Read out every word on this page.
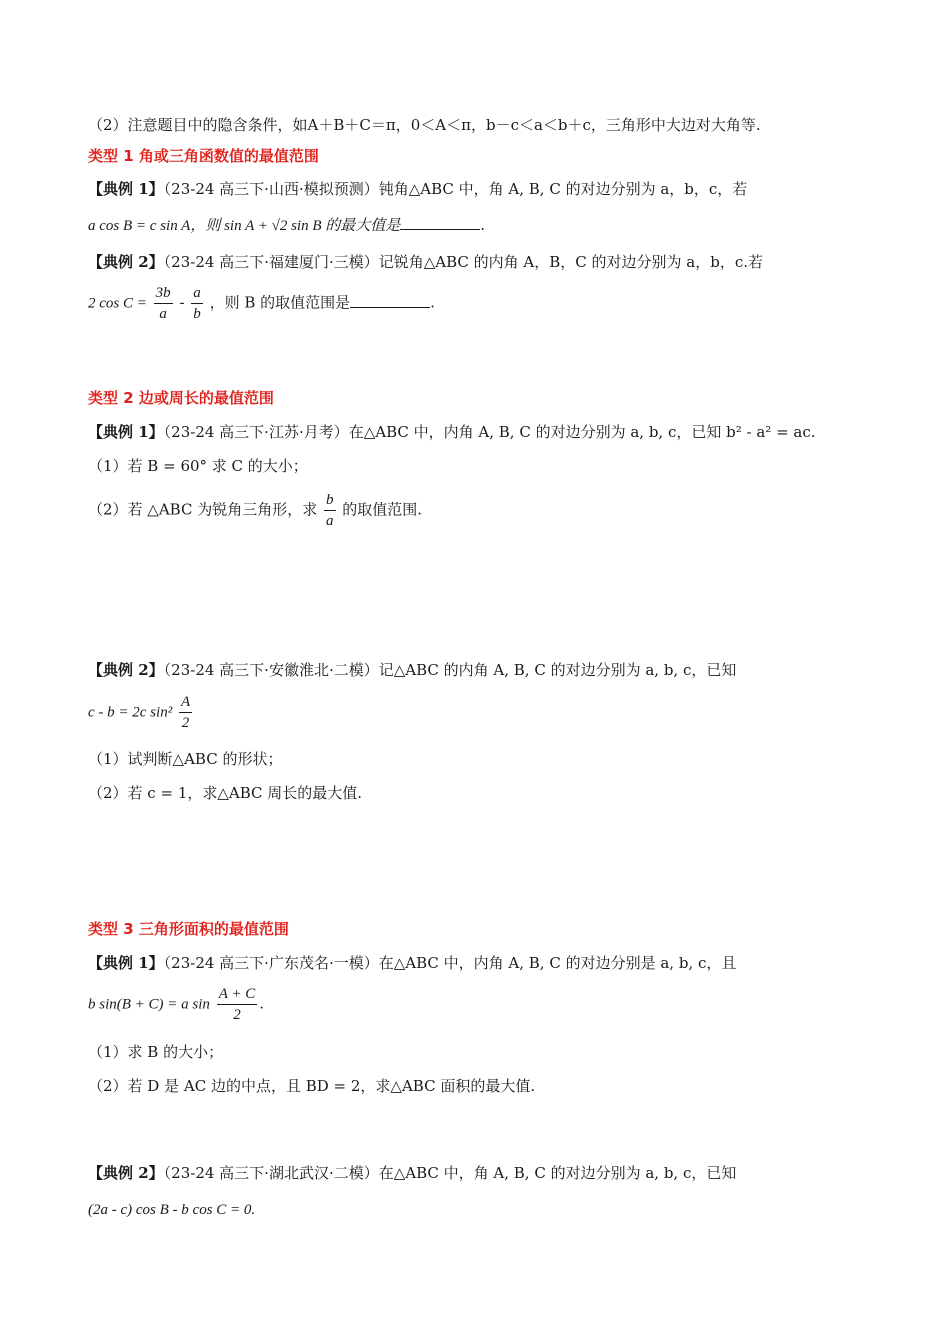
（2）注意题目中的隐含条件，如A＋B＋C＝π，0＜A＜π，b－c＜a＜b＋c，三角形中大边对大角等.
类型 1 角或三角函数值的最值范围
【典例 1】（23-24 高三下·山西·模拟预测）钝角△ABC 中，角 A, B, C 的对边分别为 a，b，c，若
a cos B = c sin A，则 sin A + √2 sin B 的最大值是	.
【典例 2】（23-24 高三下·福建厦门·三模）记锐角△ABC 的内角 A，B，C 的对边分别为 a，b，c.若
2 $\cos C = \frac{3b}{a} - \frac{a}{b}$ ，则 B 的取值范围是	.
类型 2 边或周长的最值范围
【典例 1】（23-24 高三下·江苏·月考）在△ABC 中，内角 A, B, C 的对边分别为 a, b, c，已知 b² - a² = ac.
（1）若 B = 60° 求 C 的大小；
（2）若 △ABC 为锐角三角形，求 $\frac{b}{a}$ 的取值范围.
【典例 2】（23-24 高三下·安徽淮北·二模）记△ABC 的内角 A, B, C 的对边分别为 a, b, c，已知
c - b = 2c $\sin^2 \frac{A}{2}$
（1）试判断△ABC 的形状；
（2）若 c = 1，求△ABC 周长的最大值.
类型 3 三角形面积的最值范围
【典例 1】（23-24 高三下·广东茂名·一模）在△ABC 中，内角 A, B, C 的对边分别是 a, b, c，且
b sin(B + C) = a $\sin \frac{A + C}{2}$ .
（1）求 B 的大小；
（2）若 D 是 AC 边的中点，且 BD = 2，求△ABC 面积的最大值.
【典例 2】（23-24 高三下·湖北武汉·二模）在△ABC 中，角 A, B, C 的对边分别为 a, b, c，已知
(2a - c) cos B - b cos C = 0.
